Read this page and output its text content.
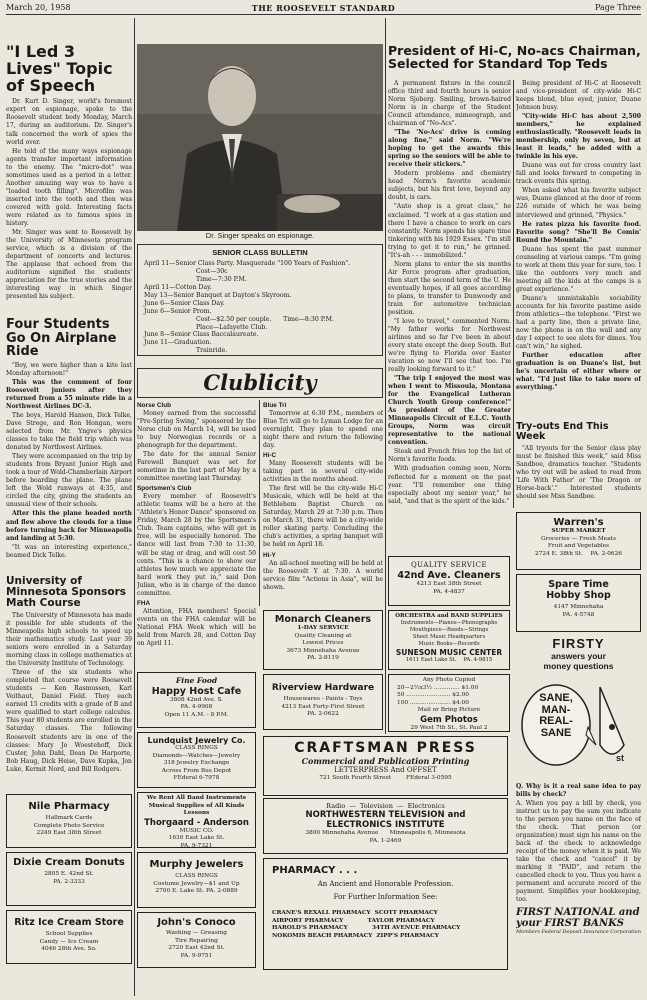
March 20, 1958	THE ROOSEVELT STANDARD	Page Three
"I Led 3 Lives" Topic of Speech

Dr. Kurt D. Singer, world's foremost expert on espionage, spoke to the Roosevelt student body Monday, March 17, during an auditorium. Dr. Singer's talk concerned the work of spies the world over.

He told of the many ways espionage agents transfer important information to the enemy. The "micro-dot" was sometimes used as a period in a letter. Another amazing way was to have a "loaded tooth filling". Microfilm was inserted into the tooth and then was covered with gold. Interesting facts were related as to famous spies in history.

Mr. Singer was sent to Roosevelt by the University of Minnesota program service, which is a division of the department of concerts and lectures. The applause that echoed from the auditorium signified the students' appreciation for the true stories and the interesting way in which Singer presented his subject.

Four Students Go On Airplane Ride

"Boy, we were higher than a kite last Monday afternoon!"

This was the comment of four Roosevelt juniors after they returned from a 55 minute ride in a Northwest Airlines DC-3.

The boys, Harold Hanson, Dick Telke, Dave Strege, and Ron Hongan, were selected from Mr. Yngve's physics classes to take the field trip which was donated by Northwest Airlines.

They were accompanied on the trip by students from Bryant Junior High and took a tour of Wold-Chamberlain Airport before boarding the plane. The plane left the Wold runways at 4:35, and circled the city, giving the students an unusual view of their schools.

After this the plane headed north and flew above the clouds for a time before turning back for Minneapolis and landing at 5:30.

"It was an interesting experience," beamed Dick Telke.

University of Minnesota Sponsors Math Course

The University of Minnesota has made it possible for able students of the Minneapolis high schools to speed up their mathematics study. Last year 39 seniors were enrolled in a Saturday morning class in college mathematics at the University Institute of Technology.

Three of the six students who completed that course were Roosevelt students — Ken Rasmussen, Karl Veithaut, Daniel Field. They each earned 15 credits with a grade of B and were qualified to start college calculus. This year 80 students are enrolled in the Saturday classes. The following Roosevelt students are in one of the classes: Mary Jo Woestehoff, Dick Custer, John Dahl, Dean De Harporte, Bob Haug, Dick Heise, Dave Kupka, Jon Luke, Kermit Nord, and Bill Rodgers.

Nile Pharmacy
Hallmark Cards
Complete Photo Service
2249 East 38th Street
Dixie Cream Donuts
2805 E. 42nd St.
PA. 2-3333
Ritz Ice Cream Store
School Supplies
Candy — Ice Cream
4046 28th Ave. So.
Dr. Singer speaks on espionage.
SENIOR CLASS BULLETIN
April 11—Senior Class Party. Masquerade "100 Years of Fashion".
Cost—30c
Time—7:30 P.M.
April 11—Cotton Day.
May 13—Senior Banquet at Dayton's Skyroom.
June 6—Senior Class Day.
June 6—Senior Prom.
Cost—$2.50 per couple.      Time—8:30 P.M.
Place—Lafayette Club.
June 8—Senior Class Baccalaureate.
June 11—Graduation.
Trainride.
Clublicity
Norse Club

Money earned from the successful "Pre-Spring Swing," sponsored by the Norse club on March 14, will be used to buy Norwegian records or a phonograph for the department.

The date for the annual Senior Farewell Banquet was set for sometime in the last part of May by a committee meeting last Thursday.

Sportsmen's Club

Every member of Roosevelt's athletic teams will be a hero at the "Athlete's Honor Dance" sponsored on Friday, March 28 by the Sportsmen's Club. Team captains, who will get in free, will be especially honored. The dance will last from 7:30 to 11:30, will be stag or drag, and will cost 50 cents. "This is a chance to show our athletes how much we appreciate the hard work they put in," said Don Julian, who is in charge of the dance committee.

FHA

Attention, FHA members! Special events on the FHA calendar will be National FHA Week which will be held from March 28, and Cotton Day on April 11.

Blue Tri

Tomorrow at 6:30 P.M., members of Blue Tri will go to Lyman Lodge for an overnight. They plan to spend one night there and return the following day.

Hi-C

Many Roosevelt students will be taking part in several city-wide activities in the months ahead.

The first will be the city-wide Hi-C Musicale, which will be held at the Bethlehem Baptist Church on Saturday, March 29 at 7:30 p.m. Then on March 31, there will be a city-wide roller skating party. Concluding the club's activities, a spring banquet will be held on April 18.

Hi-Y

An all-school meeting will be held at the Roosevelt Y at 7:30. A world service film "Actions in Asia", will be shown.

Fine Food
Happy Host Cafe
3808 42nd Ave. S.
PA. 4-9908
Open 11 A.M. - 8 P.M.
Lundquist Jewelry Co.
CLASS RINGS
Diamonds—Watches—Jewelry
318 Jewelry Exchange
Across From Bus Depot
FEderal 6-7978
We Rent All Band Instruments Musical Supplies of All Kinds Lessons
Thorgaard - Anderson
MUSIC CO.
1630 East Lake St.
PA. 9-7321
Murphy Jewelers
CLASS RINGS
Costume Jewelry—$1 and Up
2700 E. Lake St. PA. 2-0889
John's Conoco
Washing — Greasing
Tire Repairing
2720 East 42nd St.
PA. 9-9751
Monarch Cleaners
1-DAY SERVICE
Quality Cleaning at
Lowest Prices
3673 Minnehaha Avenue
PA. 2-8119
Riverview Hardware
Housewares - Paints - Toys
4213 East Forty-First Street
PA. 2-0622
CRAFTSMAN PRESS
Commercial and Publication Printing
LETTERPRESS And OFFSET
721 South Fourth Street        FEderal 3-0595
Radio  —  Television  —  Electronics
NORTHWESTERN TELEVISION and ELECTRONICS INSTITUTE
3800 Minnehaha Avenue      Minneapolis 6, Minnesota
PA. 1-2469
PHARMACY . . .
An Ancient and Honorable Profession.
For Further Information See:
CRANE'S REXALL PHARMACY  SCOTT PHARMACY
AIRPORT PHARMACY            TAYLOR PHARMACY
HAROLD'S PHARMACY            34TH AVENUE PHARMACY
NOKOMIS BEACH PHARMACY  ZIPP'S PHARMACY
President of Hi-C, No-acs Chairman, Selected for Standard Top Teds

A permanent fixture in the council office third and fourth hours is senior Norm Sjoberg. Smiling, brown-haired Norm is in charge of the Student Council attendance, mimeograph, and chairman of "No-Acs".

"The 'No-Acs' drive is coming along fine," said Norm. "We're hoping to get the awards this spring so the seniors will be able to receive their stickers."

Modern problems and chemistry head Norm's favorite academic subjects, but his first love, beyond any doubt, is cars.

"Auto shop is a great class," he exclaimed. "I work at a gas station and there I have a chance to work on cars constantly. Norm spends his spare time tinkering with his 1929 Essex. "I'm still trying to get it to run," he grinned. "It's-ah - - - immobilized."

Norm plans to enter the six months Air Force program after graduation, then start the second term of the U. He eventually hopes, if all goes according to plans, to transfer to Dunwoody and train for automotive technician position.

"I love to travel," commented Norm. "My father works for Northwest airlines and so far I've been in about every state except the deep South. But we're flying to Florida over Easter vacation so now I'll see that too. I'm really looking forward to it."

"The trip I enjoyed the most was when I went to Missoula, Montana for the Evangelical Lutheran Church Youth Group conference!" As president of the Greater Minneapolis Circuit of E.L.C. Youth Groups, Norm was circuit representative to the national convention.

Steak and French fries top the list of Norm's favorite foods.

With graduation coming soon, Norm reflected for a moment on the past year. "I'll remember one thing especially about my senior year," he said, "and that is the spirit of the kids."

Being president of Hi-C at Roosevelt and vice-president of city-wide Hi-C keeps blond, blue eyed, junior, Duane Johnson busy.

"City-wide Hi-C has about 2,500 members," he explained enthusiastically. "Roosevelt leads in membership, only by seven, but at least it leads," he added with a twinkle in his eye.

Duane was out for cross country last fall and looks forward to competing in track events this spring.

When asked what his favorite subject was, Duane glanced at the door of room 226 outside of which he was being interviewed and grinned, "Physics."

He rates pizza his favorite food. Favorite song? "She'll Be Comin' Round the Mountain."

Duane has spent the past summer counseling at various camps. "I'm going to work at them this year for sure, too. I like the outdoors very much and meeting all the kids at the camps is a great experience."

Duane's unmistakable sociability accounts for his favorite pastime aside from athletics—the telephone. "First we had a party line, then a private line, now the phone is on the wall and any day I expect to see slots for dimes. You can't win," he sighed.

Further education after graduation is on Duane's list, but he's uncertain of either where or what. "I'd just like to take more of everything."

Try-outs End This Week

"All tryouts for the Senior class play must be finished this week," said Miss Sandboe, dramatics teacher. "Students who try out will be asked to read from 'Life With Father' or 'The Dragon or Horse-back'." Interested students should see Miss Sandboe.

QUALITY SERVICE
42nd Ave. Cleaners
4213 East 38th Street
PA. 4-4837
ORCHESTRA and BAND SUPPLIES
Instruments—Pianos—Phonographs
Mouthpiece—Reeds—Strings
Sheet Music Headquarters
Music Books—Records
SUNESON MUSIC CENTER
1611 East Lake St.    PA. 4-9815
Any Photo Copied
20—2½x3½ .............. $1.00
50 ........................ $2.00
100 ...................... $4.00
Mail or Bring Picture
Gem Photos
29 West 7th St., St. Paul 2
Warren's
SUPER MARKET
Groceries — Fresh Meats
Fruit and Vegetables
2724 E. 38th St.    PA. 2-0626
Spare Time Hobby Shop
4147 Minnehaha
PA. 4-5748
FIRSTY
answers your
money questions
st
SANE,
MAN-
REAL-
SANE

Q. Why is it a real sane idea to pay bills by check?

A. When you pay a bill by check, you instruct us to pay the sum you indicate to the person you name on the face of the check. That person (or organization) must sign his name on the back of the check to acknowledge receipt of the money when it is paid. We take the check and "cancel" it by marking it "PAID", and return the cancelled check to you. Thus you have a permanent and accurate record of the payment. Simplifies your bookkeeping, too.

FIRST NATIONAL and your FIRST BANKS
Members Federal Deposit Insurance Corporation
